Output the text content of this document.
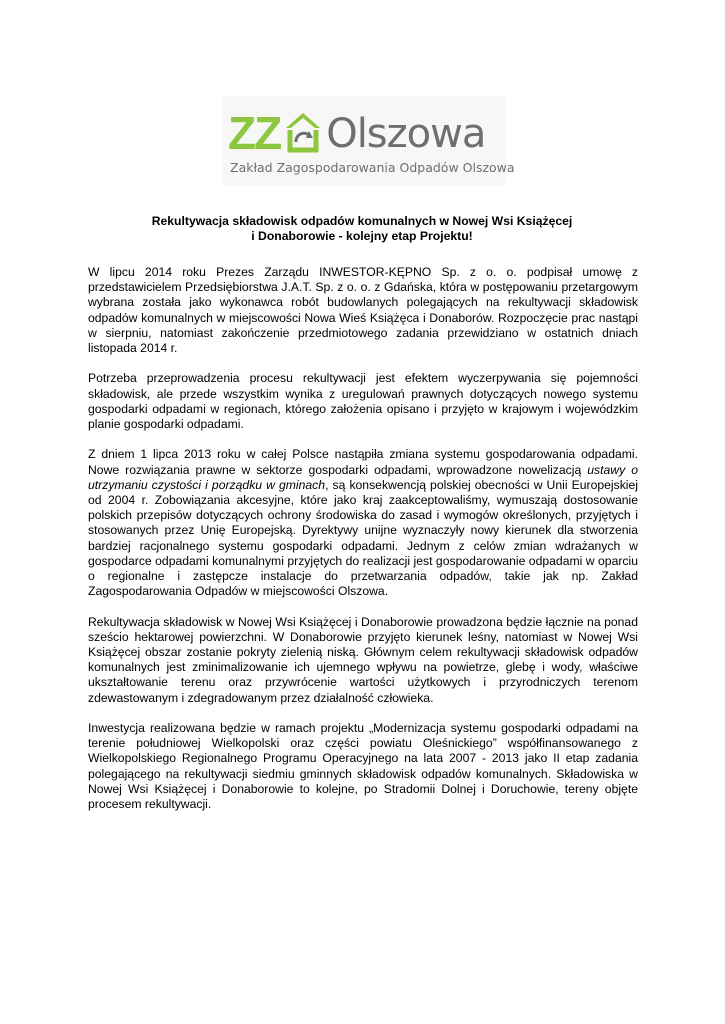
ZZ Olszowa
Zakład Zagospodarowania Odpadów Olszowa
Rekultywacja składowisk odpadów komunalnych w Nowej Wsi Książęcej
i Donaborowie - kolejny etap Projektu!

W lipcu 2014 roku Prezes Zarządu INWESTOR-KĘPNO Sp. z o. o. podpisał umowę z przedstawicielem Przedsiębiorstwa J.A.T. Sp. z o. o. z Gdańska, która w postępowaniu przetargowym wybrana została jako wykonawca robót budowlanych polegających na rekultywacji składowisk odpadów komunalnych w miejscowości Nowa Wieś Książęca i Donaborów. Rozpoczęcie prac nastąpi w sierpniu, natomiast zakończenie przedmiotowego zadania przewidziano w ostatnich dniach listopada 2014 r.

Potrzeba przeprowadzenia procesu rekultywacji jest efektem wyczerpywania się pojemności składowisk, ale przede wszystkim wynika z uregulowań prawnych dotyczących nowego systemu gospodarki odpadami w regionach, którego założenia opisano i przyjęto w krajowym i wojewódzkim planie gospodarki odpadami.

Z dniem 1 lipca 2013 roku w całej Polsce nastąpiła zmiana systemu gospodarowania odpadami. Nowe rozwiązania prawne w sektorze gospodarki odpadami, wprowadzone nowelizacją ustawy o utrzymaniu czystości i porządku w gminach, są konsekwencją polskiej obecności w Unii Europejskiej od 2004 r. Zobowiązania akcesyjne, które jako kraj zaakceptowaliśmy, wymuszają dostosowanie polskich przepisów dotyczących ochrony środowiska do zasad i wymogów określonych, przyjętych i stosowanych przez Unię Europejską. Dyrektywy unijne wyznaczyły nowy kierunek dla stworzenia bardziej racjonalnego systemu gospodarki odpadami. Jednym z celów zmian wdrażanych w gospodarce odpadami komunalnymi przyjętych do realizacji jest gospodarowanie odpadami w oparciu o regionalne i zastępcze instalacje do przetwarzania odpadów, takie jak np. Zakład Zagospodarowania Odpadów w miejscowości Olszowa.

Rekultywacja składowisk w Nowej Wsi Książęcej i Donaborowie prowadzona będzie łącznie na ponad sześcio hektarowej powierzchni. W Donaborowie przyjęto kierunek leśny, natomiast w Nowej Wsi Książęcej obszar zostanie pokryty zielenią niską. Głównym celem rekultywacji składowisk odpadów komunalnych jest zminimalizowanie ich ujemnego wpływu na powietrze, glebę i wody, właściwe ukształtowanie terenu oraz przywrócenie wartości użytkowych i przyrodniczych terenom zdewastowanym i zdegradowanym przez działalność człowieka.

Inwestycja realizowana będzie w ramach projektu „Modernizacja systemu gospodarki odpadami na terenie południowej Wielkopolski oraz części powiatu Oleśnickiego” współfinansowanego z Wielkopolskiego Regionalnego Programu Operacyjnego na lata 2007 - 2013 jako II etap zadania polegającego na rekultywacji siedmiu gminnych składowisk odpadów komunalnych. Składowiska w Nowej Wsi Książęcej i Donaborowie to kolejne, po Stradomii Dolnej i Doruchowie, tereny objęte procesem rekultywacji.
